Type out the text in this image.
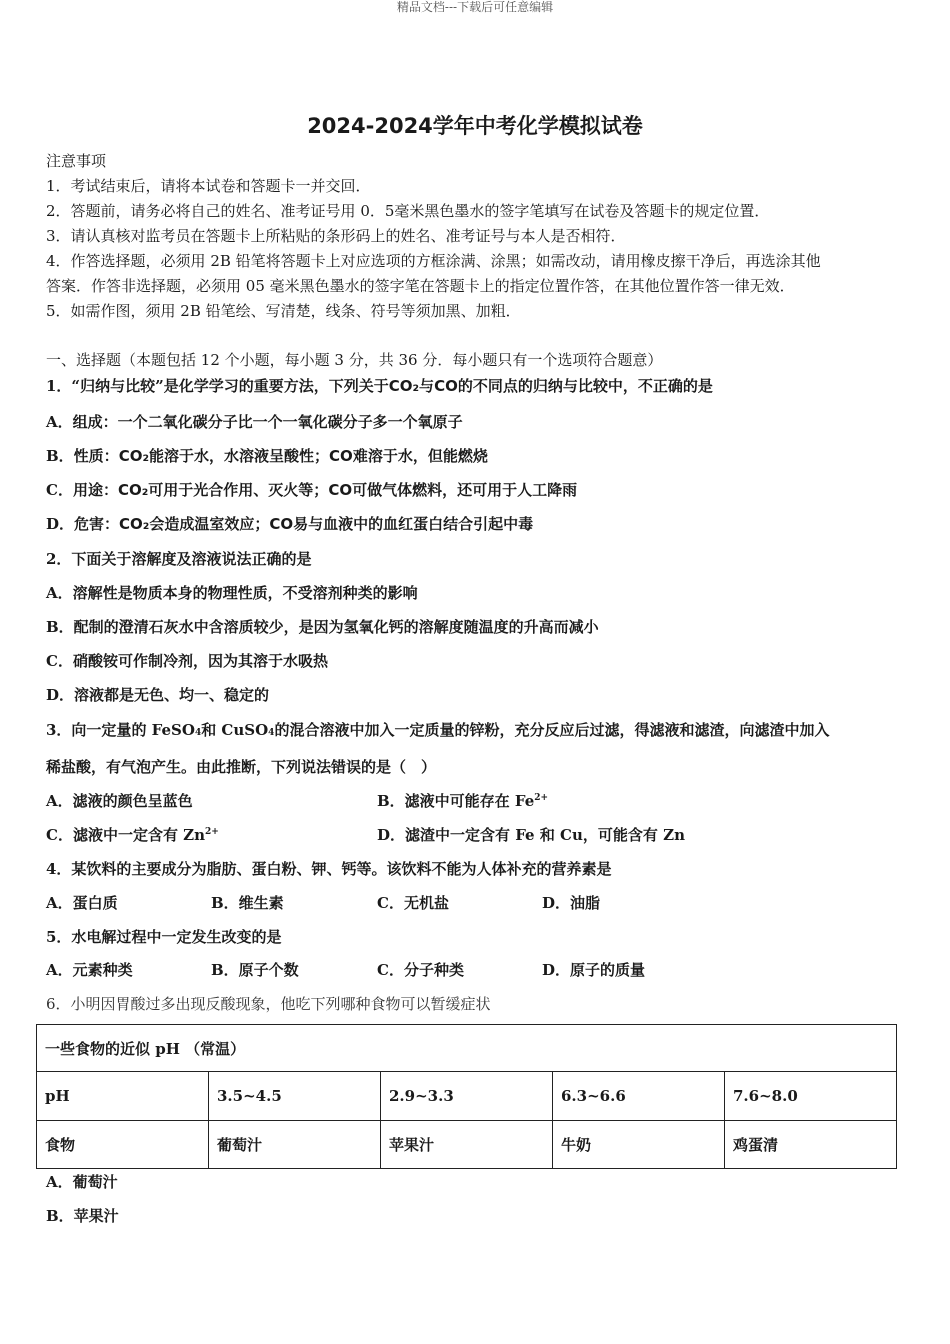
精品文档---下载后可任意编辑
2024-2024学年中考化学模拟试卷
注意事项
1．考试结束后，请将本试卷和答题卡一并交回．
2．答题前，请务必将自己的姓名、准考证号用 0．5毫米黑色墨水的签字笔填写在试卷及答题卡的规定位置．
3．请认真核对监考员在答题卡上所粘贴的条形码上的姓名、准考证号与本人是否相符．
4．作答选择题，必须用 2B 铅笔将答题卡上对应选项的方框涂满、涂黑；如需改动，请用橡皮擦干净后，再选涂其他
答案．作答非选择题，必须用 05 毫米黑色墨水的签字笔在答题卡上的指定位置作答，在其他位置作答一律无效．
5．如需作图，须用 2B 铅笔绘、写清楚，线条、符号等须加黑、加粗．
一、选择题（本题包括 12 个小题，每小题 3 分，共 36 分．每小题只有一个选项符合题意）
1．“归纳与比较”是化学学习的重要方法，下列关于CO₂与CO的不同点的归纳与比较中，不正确的是
A．组成：一个二氧化碳分子比一个一氧化碳分子多一个氧原子
B．性质：CO₂能溶于水，水溶液呈酸性；CO难溶于水，但能燃烧
C．用途：CO₂可用于光合作用、灭火等；CO可做气体燃料，还可用于人工降雨
D．危害：CO₂会造成温室效应；CO易与血液中的血红蛋白结合引起中毒
2．下面关于溶解度及溶液说法正确的是
A．溶解性是物质本身的物理性质，不受溶剂种类的影响
B．配制的澄清石灰水中含溶质较少，是因为氢氧化钙的溶解度随温度的升高而减小
C．硝酸铵可作制冷剂，因为其溶于水吸热
D．溶液都是无色、均一、稳定的
3．向一定量的 FeSO4和 CuSO4的混合溶液中加入一定质量的锌粉，充分反应后过滤，得滤液和滤渣，向滤渣中加入
稀盐酸，有气泡产生。由此推断，下列说法错误的是（　）
A．滤液的颜色呈蓝色	B．滤液中可能存在 $Fe^{2+}$
C．滤液中一定含有 $Zn^{2+}$	D．滤渣中一定含有 Fe 和 Cu，可能含有 Zn
4．某饮料的主要成分为脂肪、蛋白粉、钾、钙等。该饮料不能为人体补充的营养素是
A．蛋白质	B．维生素	C．无机盐	D．油脂
5．水电解过程中一定发生改变的是
A．元素种类	B．原子个数	C．分子种类	D．原子的质量
6．小明因胃酸过多出现反酸现象，他吃下列哪种食物可以暂缓症状
一些食物的近似 pH （常温）				
pH	3.5~4.5	2.9~3.3	6.3~6.6	7.6~8.0
食物	葡萄汁	苹果汁	牛奶	鸡蛋清
A．葡萄汁
B．苹果汁
